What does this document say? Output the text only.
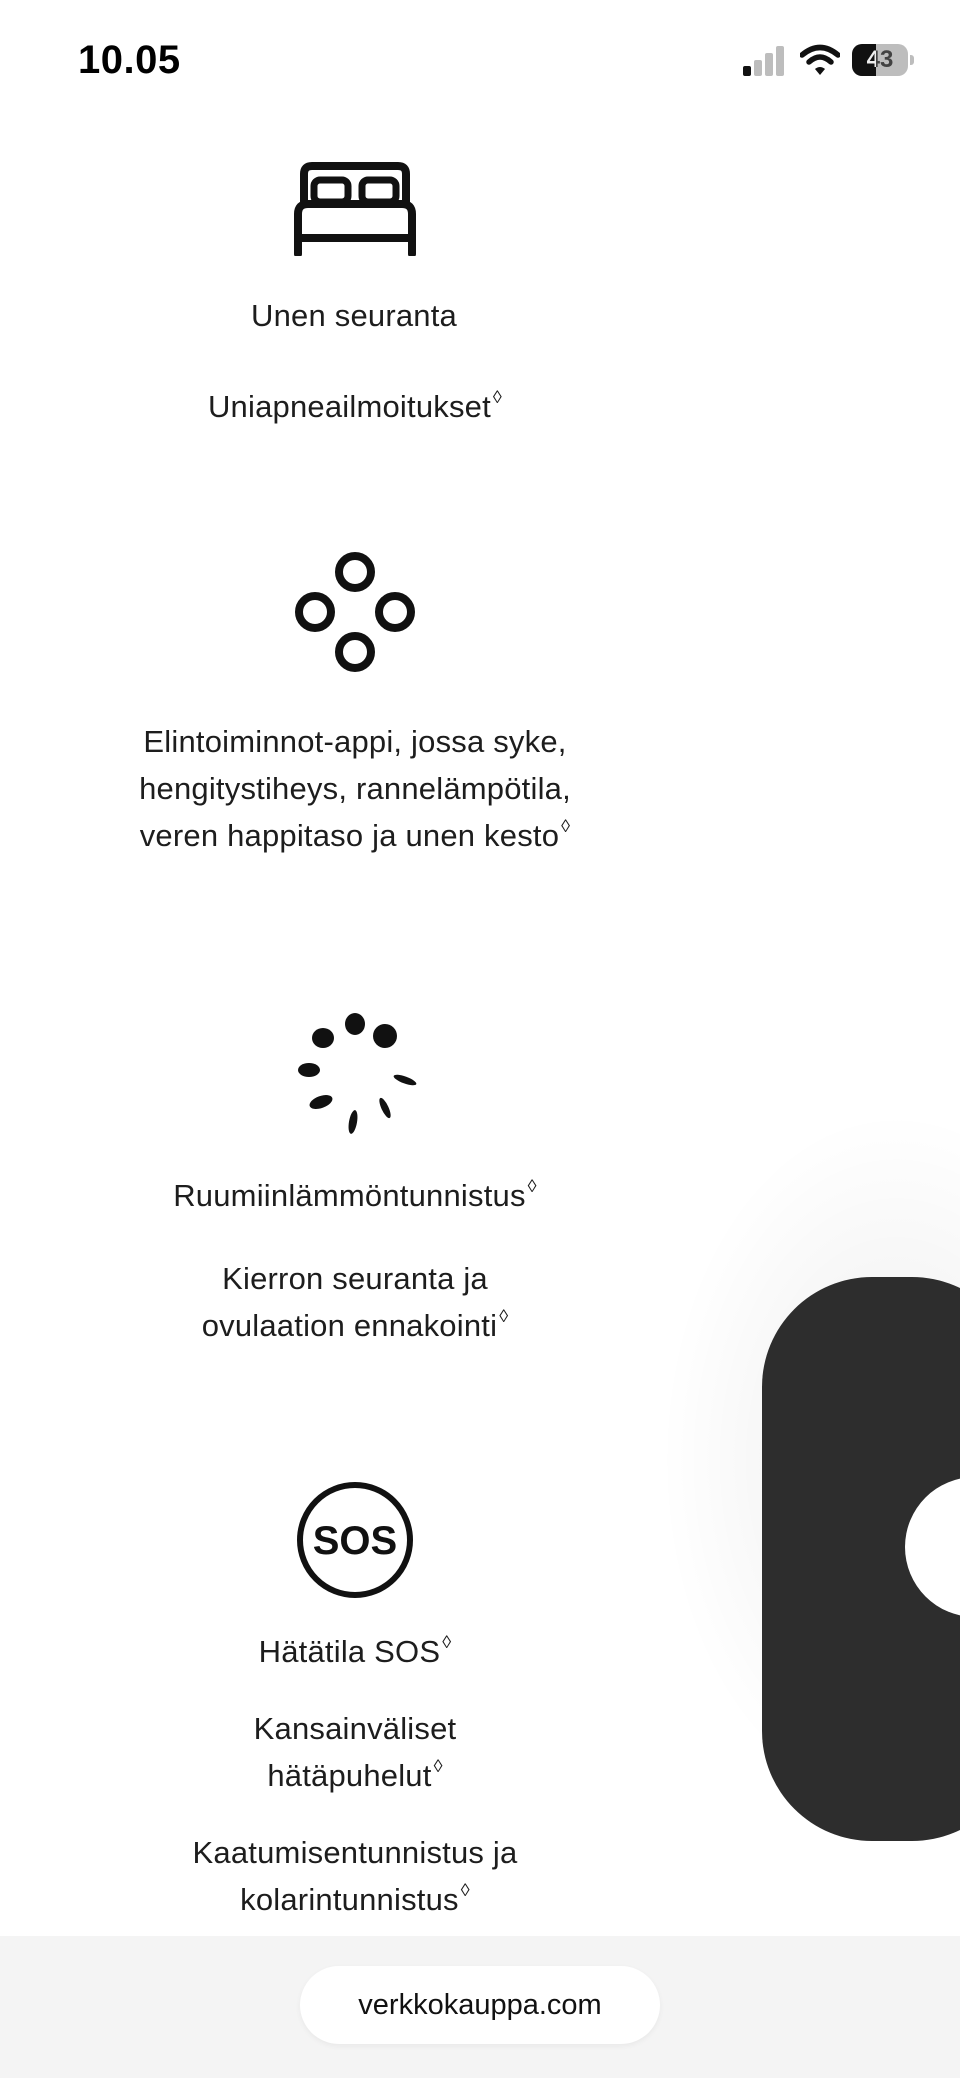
10.05	43
Unen seuranta
Uniapneailmoitukset ◊
Elintoiminnot-appi, jossa syke, hengitystiheys, rannelämpötila, veren happitaso ja unen kesto ◊
Ruumiinlämmöntunnistus ◊
Kierron seuranta ja ovulaation ennakointi ◊
SOS
Hätätila SOS ◊
Kansainväliset hätäpuhelut ◊
Kaatumisentunnistus ja kolarintunnistus ◊
verkkokauppa.com
